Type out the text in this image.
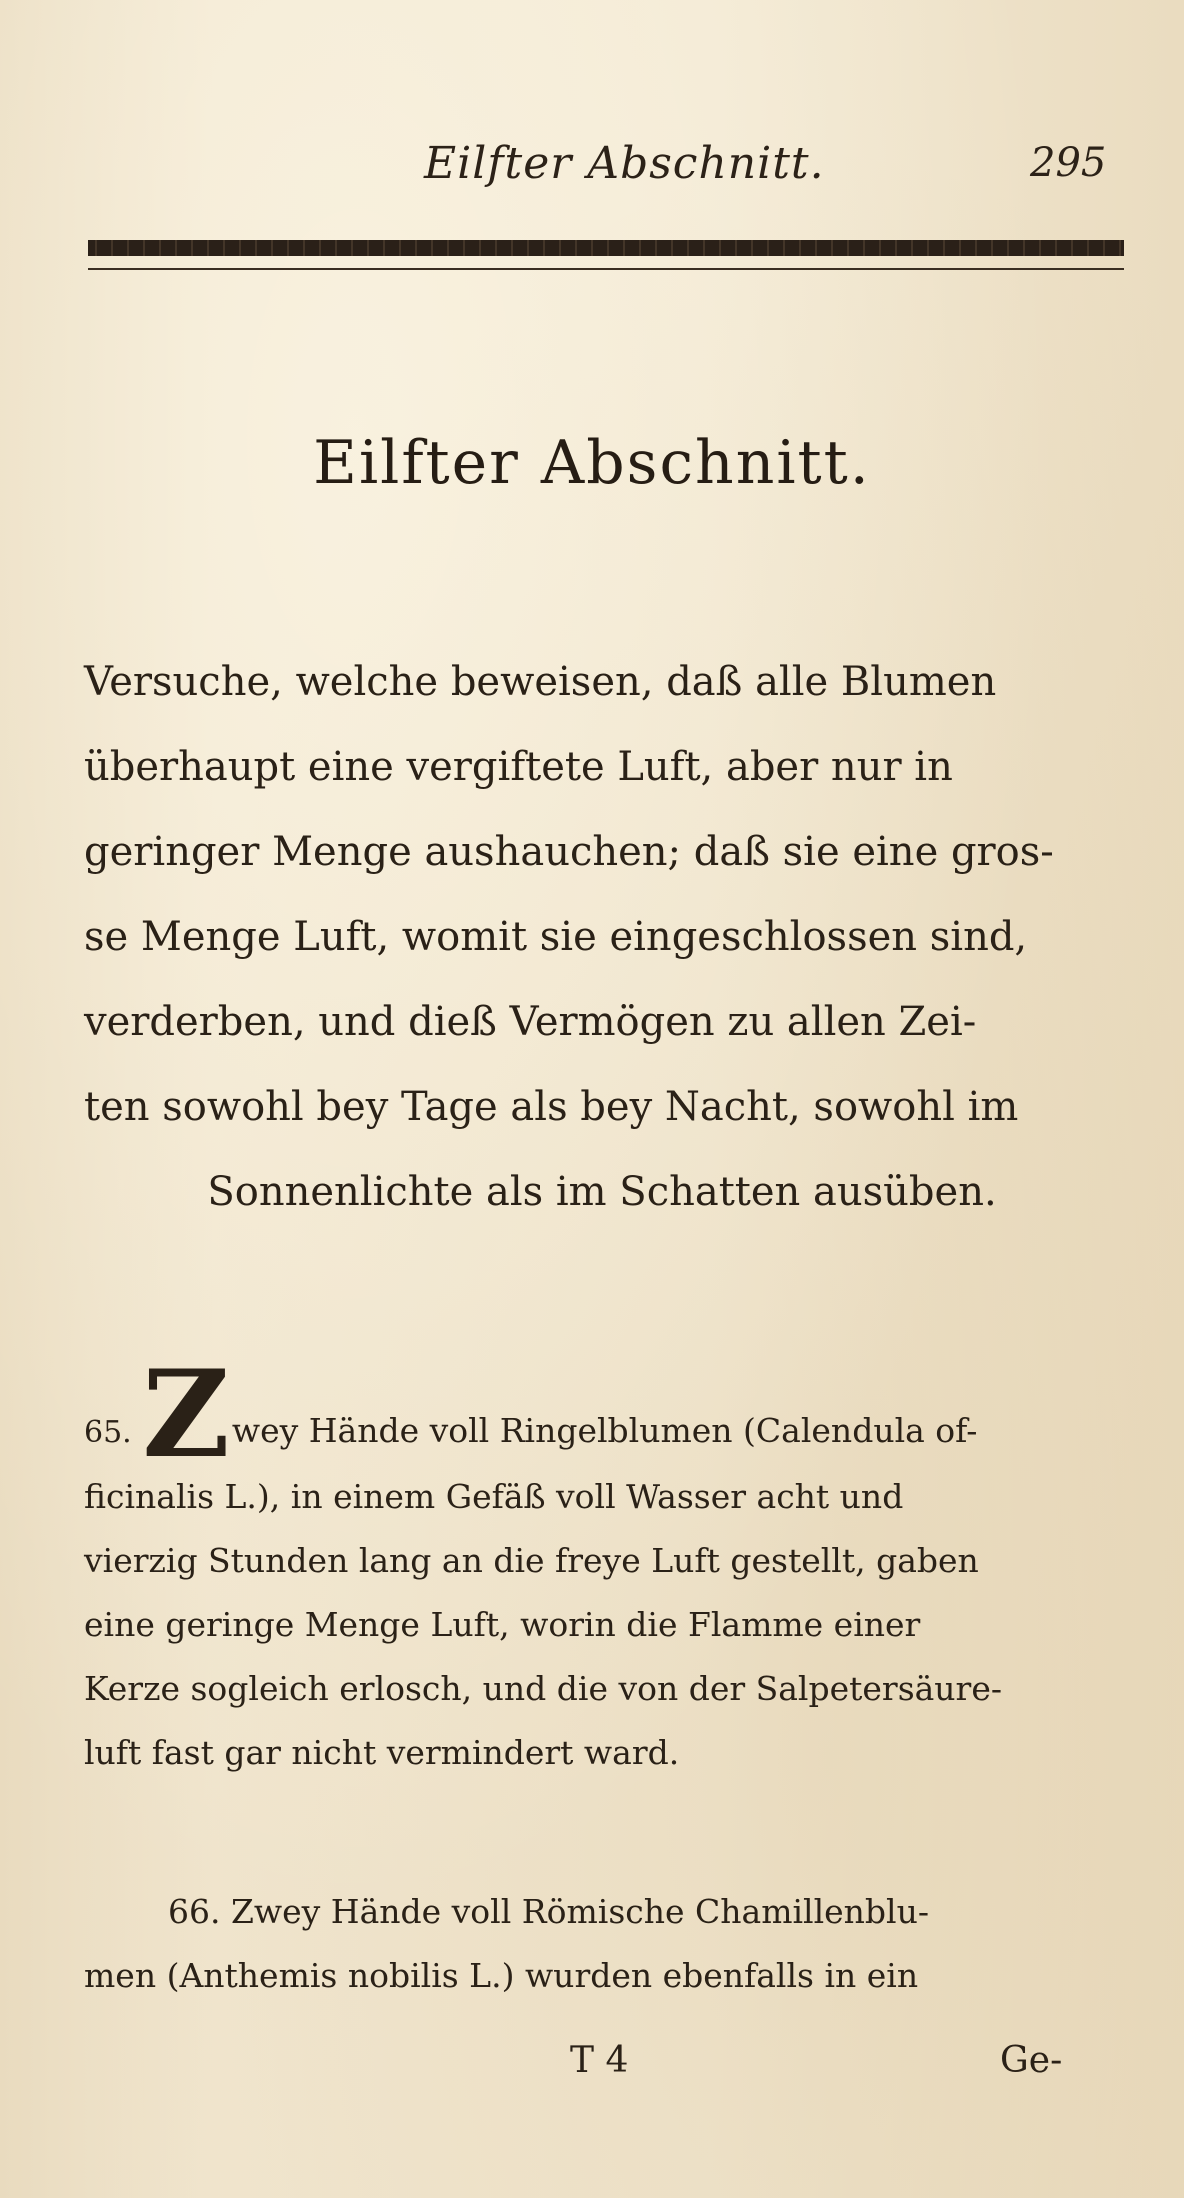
Eilfter Abschnitt.	295
Eilfter Abschnitt.
Versuche, welche beweisen, daß alle Blumen
überhaupt eine vergiftete Luft, aber nur in
geringer Menge aushauchen; daß sie eine gros-
se Menge Luft, womit sie eingeschlossen sind,
verderben, und dieß Vermögen zu allen Zei-
ten sowohl bey Tage als bey Nacht, sowohl im
Sonnenlichte als im Schatten ausüben.
65. Zwey Hände voll Ringelblumen (Calendula of-
ficinalis L.), in einem Gefäß voll Wasser acht und
vierzig Stunden lang an die freye Luft gestellt, gaben
eine geringe Menge Luft, worin die Flamme einer
Kerze sogleich erlosch, und die von der Salpetersäure-
luft fast gar nicht vermindert ward.
66. Zwey Hände voll Römische Chamillenblu-
men (Anthemis nobilis L.) wurden ebenfalls in ein
T 4	Ge-
